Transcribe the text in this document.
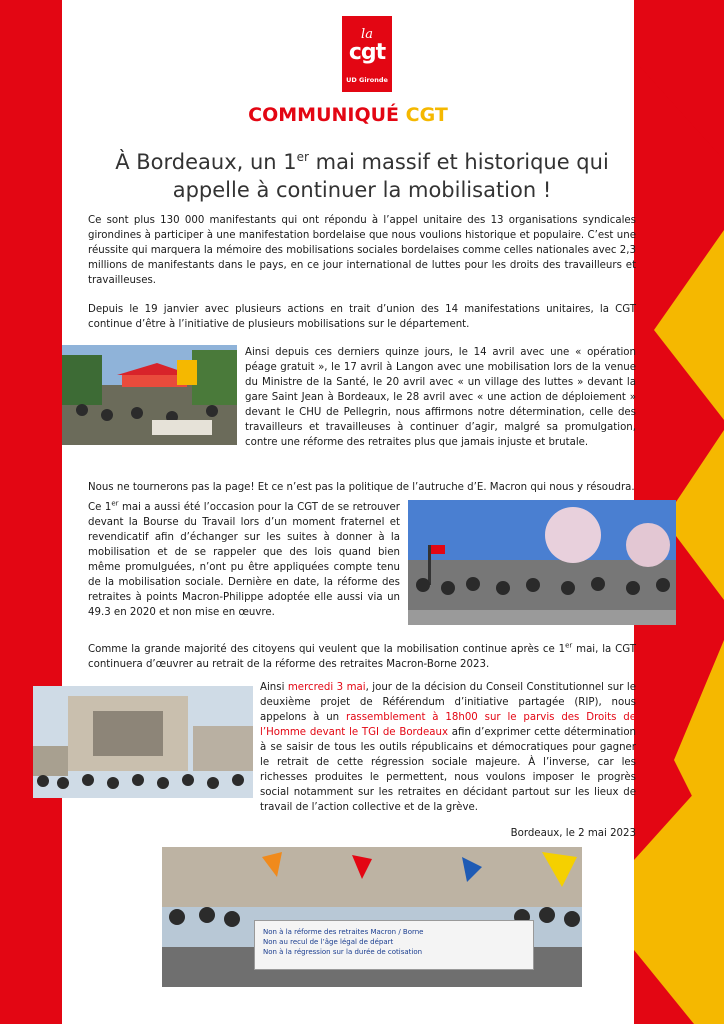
la
cgt
UD Gironde
COMMUNIQUÉ CGT
À Bordeaux, un 1er mai massif et historique qui appelle à continuer la mobilisation !
Ce sont plus 130 000 manifestants qui ont répondu à l’appel unitaire des 13 organisations syndicales girondines à participer à une manifestation bordelaise que nous voulions historique et populaire. C’est une réussite qui marquera la mémoire des mobilisations sociales bordelaises comme celles nationales avec 2,3 millions de manifestants dans le pays, en ce jour international de luttes pour les droits des travailleurs et travailleuses.
Depuis le 19 janvier avec plusieurs actions en trait d’union des 14 manifestations unitaires, la CGT continue d’être à l’initiative de plusieurs mobilisations sur le département.
Ainsi depuis ces derniers quinze jours, le 14 avril avec une « opération péage gratuit », le 17 avril à Langon avec une mobilisation lors de la venue du Ministre de la Santé, le 20 avril avec « un village des luttes » devant la gare Saint Jean à Bordeaux, le 28 avril avec « une action de déploiement » devant le CHU de Pellegrin, nous affirmons notre détermination, celle des travailleurs et travailleuses à continuer d’agir, malgré sa promulgation, contre une réforme des retraites plus que jamais injuste et brutale.
Nous ne tournerons pas la page! Et ce n’est pas la politique de l’autruche d’E. Macron qui nous y résoudra.
Ce 1er mai a aussi été l’occasion pour la CGT de se retrouver devant la Bourse du Travail lors d’un moment fraternel et revendicatif afin d’échanger sur les suites à donner à la mobilisation et de se rappeler que des lois quand bien même promulguées, n’ont pu être appliquées compte tenu de la mobilisation sociale. Dernière en date, la réforme des retraites à points Macron-Philippe adoptée elle aussi via un 49.3 en 2020 et non mise en œuvre.
Comme la grande majorité des citoyens qui veulent que la mobilisation continue après ce 1er mai, la CGT continuera d’œuvrer au retrait de la réforme des retraites Macron-Borne 2023.
Ainsi mercredi 3 mai, jour de la décision du Conseil Constitutionnel sur le deuxième projet de Référendum d’initiative partagée (RIP), nous appelons à un rassemblement à 18h00 sur le parvis des Droits de l’Homme devant le TGI de Bordeaux afin d’exprimer cette détermination à se saisir de tous les outils républicains et démocratiques pour gagner le retrait de cette régression sociale majeure. À l’inverse, car les richesses produites le permettent, nous voulons imposer le progrès social notamment sur les retraites en décidant partout sur les lieux de travail de l’action collective et de la grève.
Bordeaux, le 2 mai 2023
Non à la réforme des retraites Macron / Borne
Non au recul de l’âge légal de départ
Non à la régression sur la durée de cotisation
